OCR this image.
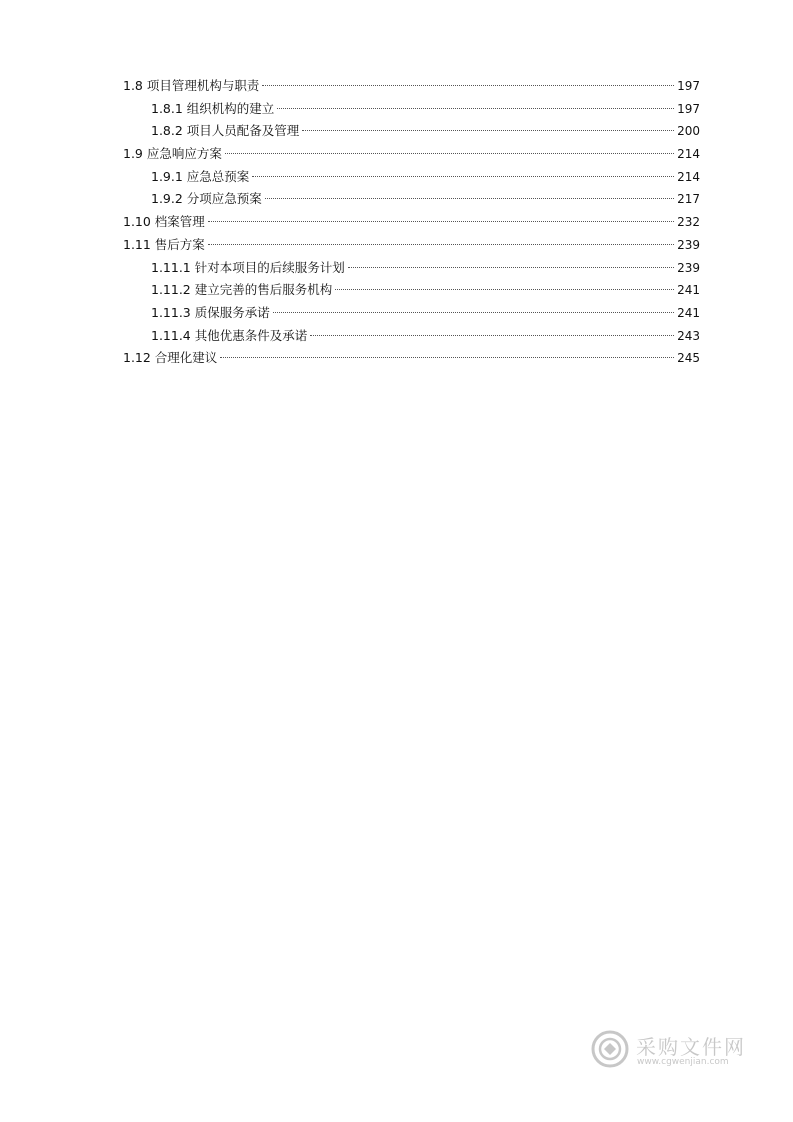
1.8 项目管理机构与职责	197
1.8.1 组织机构的建立	197
1.8.2 项目人员配备及管理	200
1.9 应急响应方案	214
1.9.1 应急总预案	214
1.9.2 分项应急预案	217
1.10 档案管理	232
1.11 售后方案	239
1.11.1 针对本项目的后续服务计划	239
1.11.2 建立完善的售后服务机构	241
1.11.3 质保服务承诺	241
1.11.4 其他优惠条件及承诺	243
1.12 合理化建议	245
采购文件网
www.cgwenjian.com
